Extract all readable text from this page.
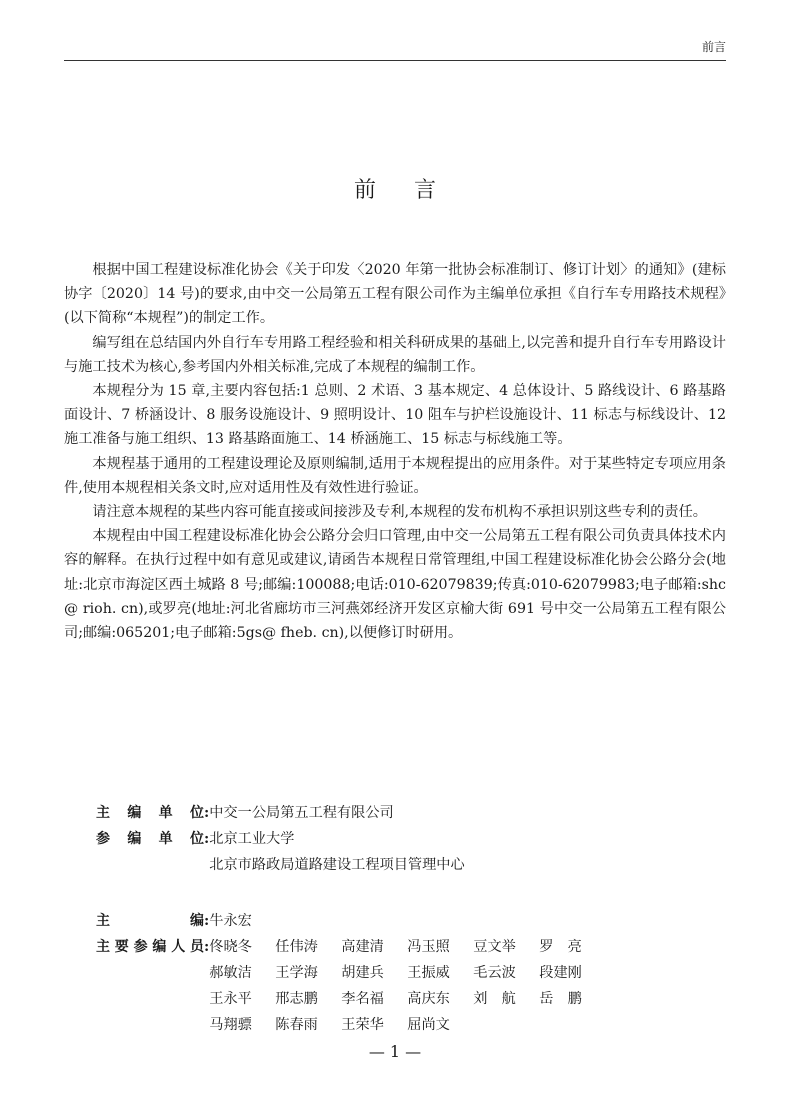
前言
前言

根据中国工程建设标准化协会《关于印发〈2020 年第一批协会标准制订、修订计划〉的通知》(建标协字〔2020〕14 号)的要求,由中交一公局第五工程有限公司作为主编单位承担《自行车专用路技术规程》(以下简称“本规程”)的制定工作。

编写组在总结国内外自行车专用路工程经验和相关科研成果的基础上,以完善和提升自行车专用路设计与施工技术为核心,参考国内外相关标准,完成了本规程的编制工作。

本规程分为 15 章,主要内容包括:1 总则、2 术语、3 基本规定、4 总体设计、5 路线设计、6 路基路面设计、7 桥涵设计、8 服务设施设计、9 照明设计、10 阻车与护栏设施设计、11 标志与标线设计、12 施工准备与施工组织、13 路基路面施工、14 桥涵施工、15 标志与标线施工等。

本规程基于通用的工程建设理论及原则编制,适用于本规程提出的应用条件。对于某些特定专项应用条件,使用本规程相关条文时,应对适用性及有效性进行验证。

请注意本规程的某些内容可能直接或间接涉及专利,本规程的发布机构不承担识别这些专利的责任。

本规程由中国工程建设标准化协会公路分会归口管理,由中交一公局第五工程有限公司负责具体技术内容的解释。在执行过程中如有意见或建议,请函告本规程日常管理组,中国工程建设标准化协会公路分会(地址:北京市海淀区西土城路 8 号;邮编:100088;电话:010-62079839;传真:010-62079983;电子邮箱:shc@ rioh. cn),或罗亮(地址:河北省廊坊市三河燕郊经济开发区京榆大街 691 号中交一公局第五工程有限公司;邮编:065201;电子邮箱:5gs@ fheb. cn),以便修订时研用。

主编单位 : 中交一公局第五工程有限公司
参编单位 : 北京工业大学
北京市路政局道路建设工程项目管理中心
主编 : 牛永宏
主要参编人员 : 佟晓冬	任伟涛	高建清	冯玉照	豆文举	罗　亮
郝敏洁	王学海	胡建兵	王振威	毛云波	段建刚
王永平	邢志鹏	李名福	高庆东	刘　航	岳　鹏
马翔骠	陈春雨	王荣华	屈尚文
— 1 —
